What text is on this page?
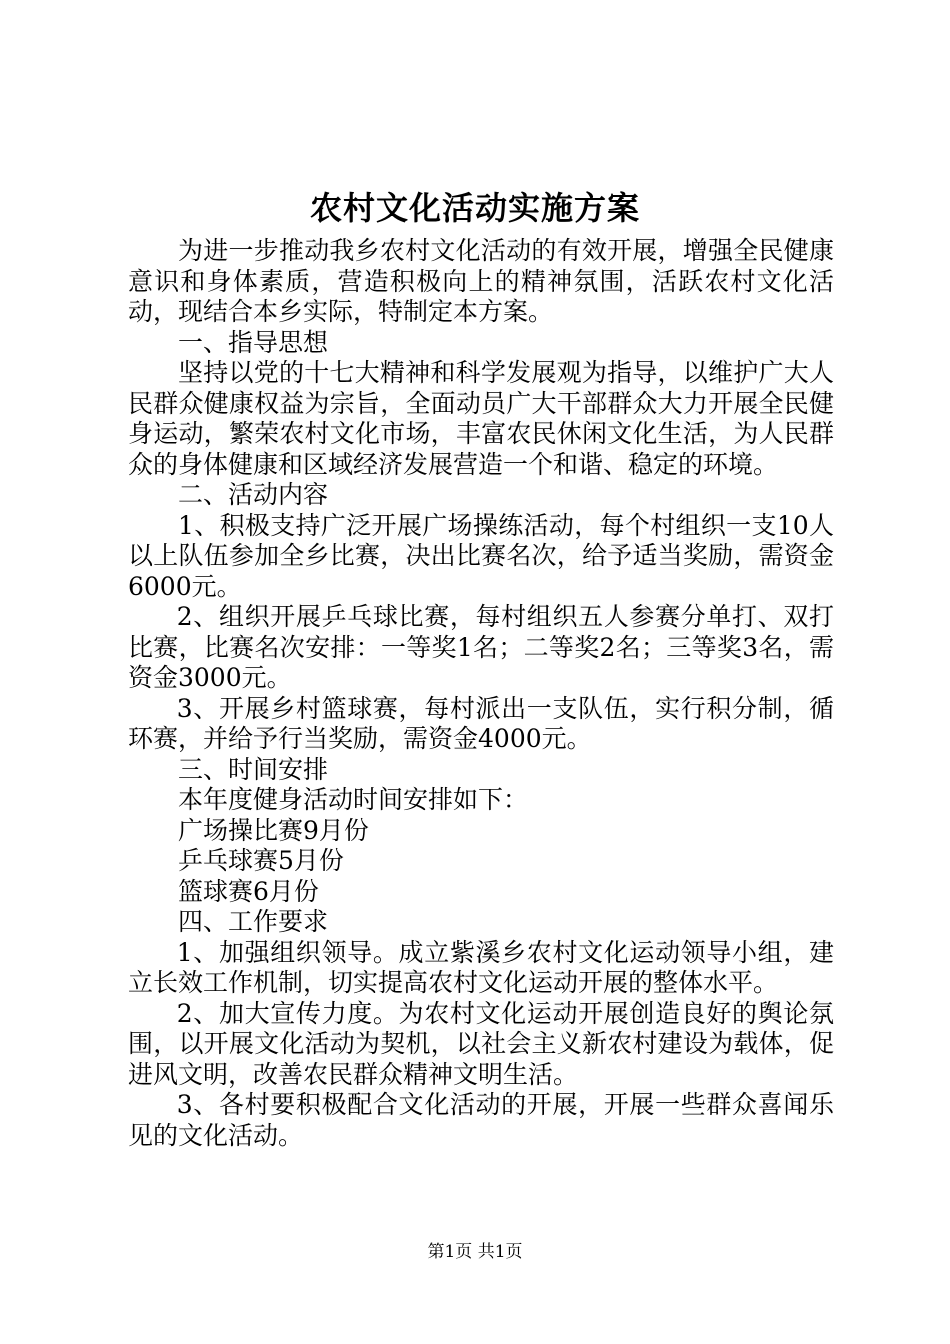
农村文化活动实施方案

为进一步推动我乡农村文化活动的有效开展，增强全民健康意识和身体素质，营造积极向上的精神氛围，活跃农村文化活动，现结合本乡实际，特制定本方案。

一、指导思想

坚持以党的十七大精神和科学发展观为指导，以维护广大人民群众健康权益为宗旨，全面动员广大干部群众大力开展全民健身运动，繁荣农村文化市场，丰富农民休闲文化生活，为人民群众的身体健康和区域经济发展营造一个和谐、稳定的环境。

二、活动内容

1、积极支持广泛开展广场操练活动，每个村组织一支10人以上队伍参加全乡比赛，决出比赛名次，给予适当奖励，需资金6000元。

2、组织开展乒乓球比赛，每村组织五人参赛分单打、双打比赛，比赛名次安排：一等奖1名；二等奖2名；三等奖3名，需资金3000元。

3、开展乡村篮球赛，每村派出一支队伍，实行积分制，循环赛，并给予行当奖励，需资金4000元。

三、时间安排

本年度健身活动时间安排如下：

广场操比赛9月份

乒乓球赛5月份

篮球赛6月份

四、工作要求

1、加强组织领导。成立紫溪乡农村文化运动领导小组，建立长效工作机制，切实提高农村文化运动开展的整体水平。

2、加大宣传力度。为农村文化运动开展创造良好的舆论氛围，以开展文化活动为契机，以社会主义新农村建设为载体，促进风文明，改善农民群众精神文明生活。

3、各村要积极配合文化活动的开展，开展一些群众喜闻乐见的文化活动。

第1页 共1页
